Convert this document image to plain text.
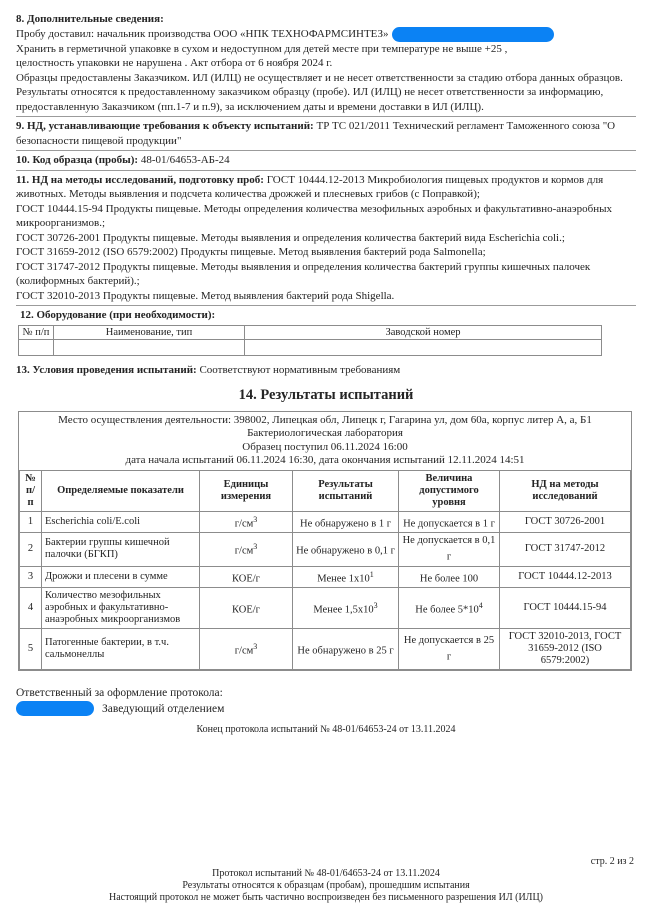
8. Дополнительные сведения:
Пробу доставил: начальник производства ООО «НПК ТЕХНОФАРМСИНТЕЗ»
Хранить в герметичной упаковке в сухом и недоступном для детей месте при температуре не выше +25 ,
целостность упаковки не нарушена . Акт отбора от 6 ноября 2024 г.
Образцы предоставлены Заказчиком. ИЛ (ИЛЦ) не осуществляет и не несет ответственности за стадию отбора данных образцов. Результаты относятся к предоставленному заказчиком образцу (пробе). ИЛ (ИЛЦ) не несет ответственности за информацию, предоставленную Заказчиком (пп.1-7 и п.9), за исключением даты и времени доставки в ИЛ (ИЛЦ).
9. НД, устанавливающие требования к объекту испытаний: ТР ТС 021/2011 Технический регламент Таможенного союза "О безопасности пищевой продукции"
10. Код образца (пробы): 48-01/64653-АБ-24
11. НД на методы исследований, подготовку проб: ГОСТ 10444.12-2013 Микробиология пищевых продуктов и кормов для животных. Методы выявления и подсчета количества дрожжей и плесневых грибов (с Поправкой);
ГОСТ 10444.15-94 Продукты пищевые. Методы определения количества мезофильных аэробных и факультативно-анаэробных микроорганизмов.;
ГОСТ 30726-2001 Продукты пищевые. Методы выявления и определения количества бактерий вида Escherichia coli.;
ГОСТ 31659-2012 (ISO 6579:2002) Продукты пищевые. Метод выявления бактерий рода Salmonella;
ГОСТ 31747-2012 Продукты пищевые. Методы выявления и определения количества бактерий группы кишечных палочек (колиформных бактерий).;
ГОСТ 32010-2013 Продукты пищевые. Метод выявления бактерий рода Shigella.
12. Оборудование (при необходимости):
№ п/п	Наименование, тип	Заводской номер

13. Условия проведения испытаний: Соответствуют нормативным требованиям
14. Результаты испытаний
Место осуществления деятельности: 398002, Липецкая обл, Липецк г, Гагарина ул, дом 60а, корпус литер А, а, Б1
Бактериологическая лаборатория
Образец поступил 06.11.2024 16:00
дата начала испытаний 06.11.2024 16:30, дата окончания испытаний 12.11.2024 14:51
№ п/п	Определяемые показатели	Единицы измерения	Результаты испытаний	Величина допустимого уровня	НД на методы исследований
1	Escherichia coli/E.coli	$г/см^3$	Не обнаружено в 1 г	Не допускается в 1 г	ГОСТ 30726-2001
2	Бактерии группы кишечной палочки (БГКП)	$г/см^3$	Не обнаружено в 0,1 г	Не допускается в 0,1 г	ГОСТ 31747-2012
3	Дрожжи и плесени в сумме	КОЕ/г	Менее $1x10^1$	Не более 100	ГОСТ 10444.12-2013
4	Количество мезофильных аэробных и факультативно-анаэробных микроорганизмов	КОЕ/г	Менее $1,5x10^3$	Не более $5*10^4$	ГОСТ 10444.15-94
5	Патогенные бактерии, в т.ч. сальмонеллы	$г/см^3$	Не обнаружено в 25 г	Не допускается в 25 г	ГОСТ 32010-2013, ГОСТ 31659-2012 (ISO 6579:2002)
Ответственный за оформление протокола:
Заведующий отделением
Конец протокола испытаний № 48-01/64653-24 от 13.11.2024
стр. 2 из 2
Протокол испытаний № 48-01/64653-24 от 13.11.2024
Результаты относятся к образцам (пробам), прошедшим испытания
Настоящий протокол не может быть частично воспроизведен без письменного разрешения ИЛ (ИЛЦ)
